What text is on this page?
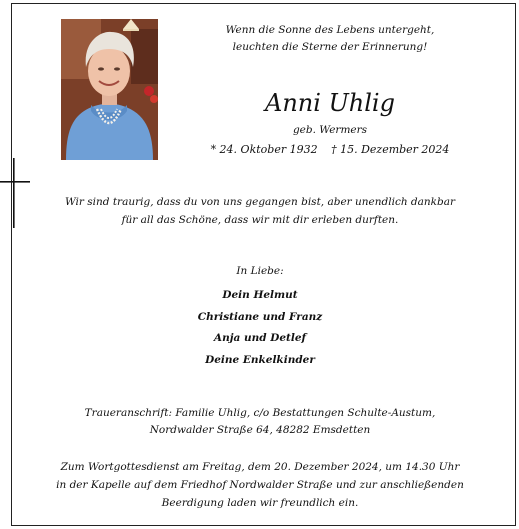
Wenn die Sonne des Lebens untergeht,
leuchten die Sterne der Erinnerung!
Anni Uhlig
geb. Wermers
* 24. Oktober 1932 † 15. Dezember 2024
Wir sind traurig, dass du von uns gegangen bist, aber unendlich dankbar
für all das Schöne, dass wir mit dir erleben durften.
In Liebe:
Dein Helmut
Christiane und Franz
Anja und Detlef
Deine Enkelkinder
Traueranschrift: Familie Uhlig, c/o Bestattungen Schulte-Austum,
Nordwalder Straße 64, 48282 Emsdetten
Zum Wortgottesdienst am Freitag, dem 20. Dezember 2024, um 14.30 Uhr
in der Kapelle auf dem Friedhof Nordwalder Straße und zur anschließenden
Beerdigung laden wir freundlich ein.
